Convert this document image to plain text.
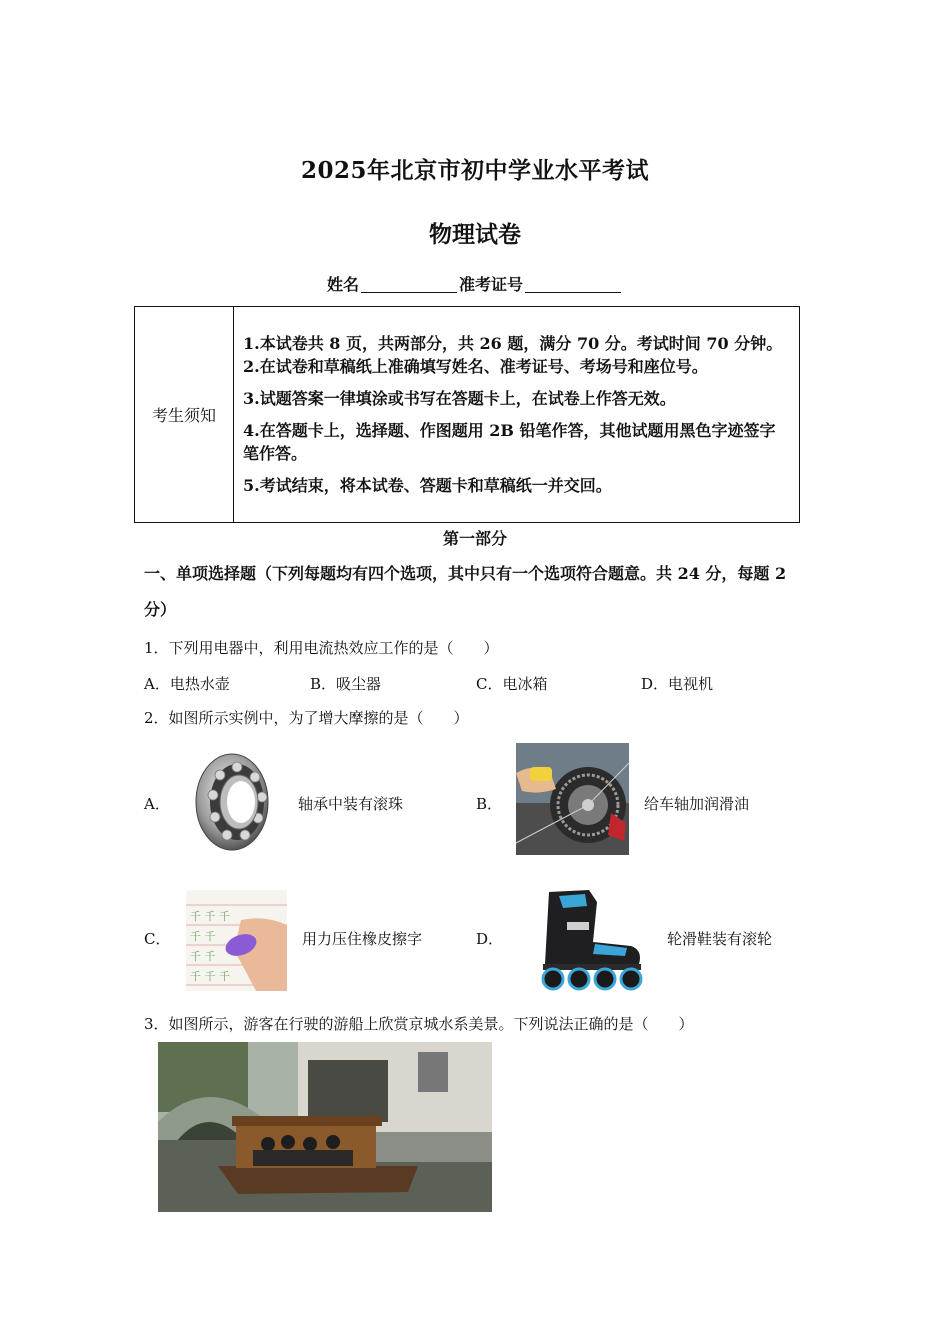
2025年北京市初中学业水平考试
物理试卷
姓名	准考证号
考生须知	
1.本试卷共 8 页，共两部分，共 26 题，满分 70 分。考试时间 70 分钟。2.在试卷和草稿纸上准确填写姓名、准考证号、考场号和座位号。
3.试题答案一律填涂或书写在答题卡上，在试卷上作答无效。
4.在答题卡上，选择题、作图题用 2B 铅笔作答，其他试题用黑色字迹签字笔作答。
5.考试结束，将本试卷、答题卡和草稿纸一并交回。
第一部分
一、单项选择题（下列每题均有四个选项，其中只有一个选项符合题意。共 24 分，每题 2 分）
1．下列用电器中，利用电流热效应工作的是（　　）
A．电热水壶	B．吸尘器	C．电冰箱	D．电视机
2．如图所示实例中，为了增大摩擦的是（　　）
A．	轴承中装有滚珠	B．	给车轴加润滑油
C．
千 千 千
千 千
千 千
千 千 千
用力压住橡皮擦字	D．	轮滑鞋装有滚轮
3．如图所示，游客在行驶的游船上欣赏京城水系美景。下列说法正确的是（　　）
